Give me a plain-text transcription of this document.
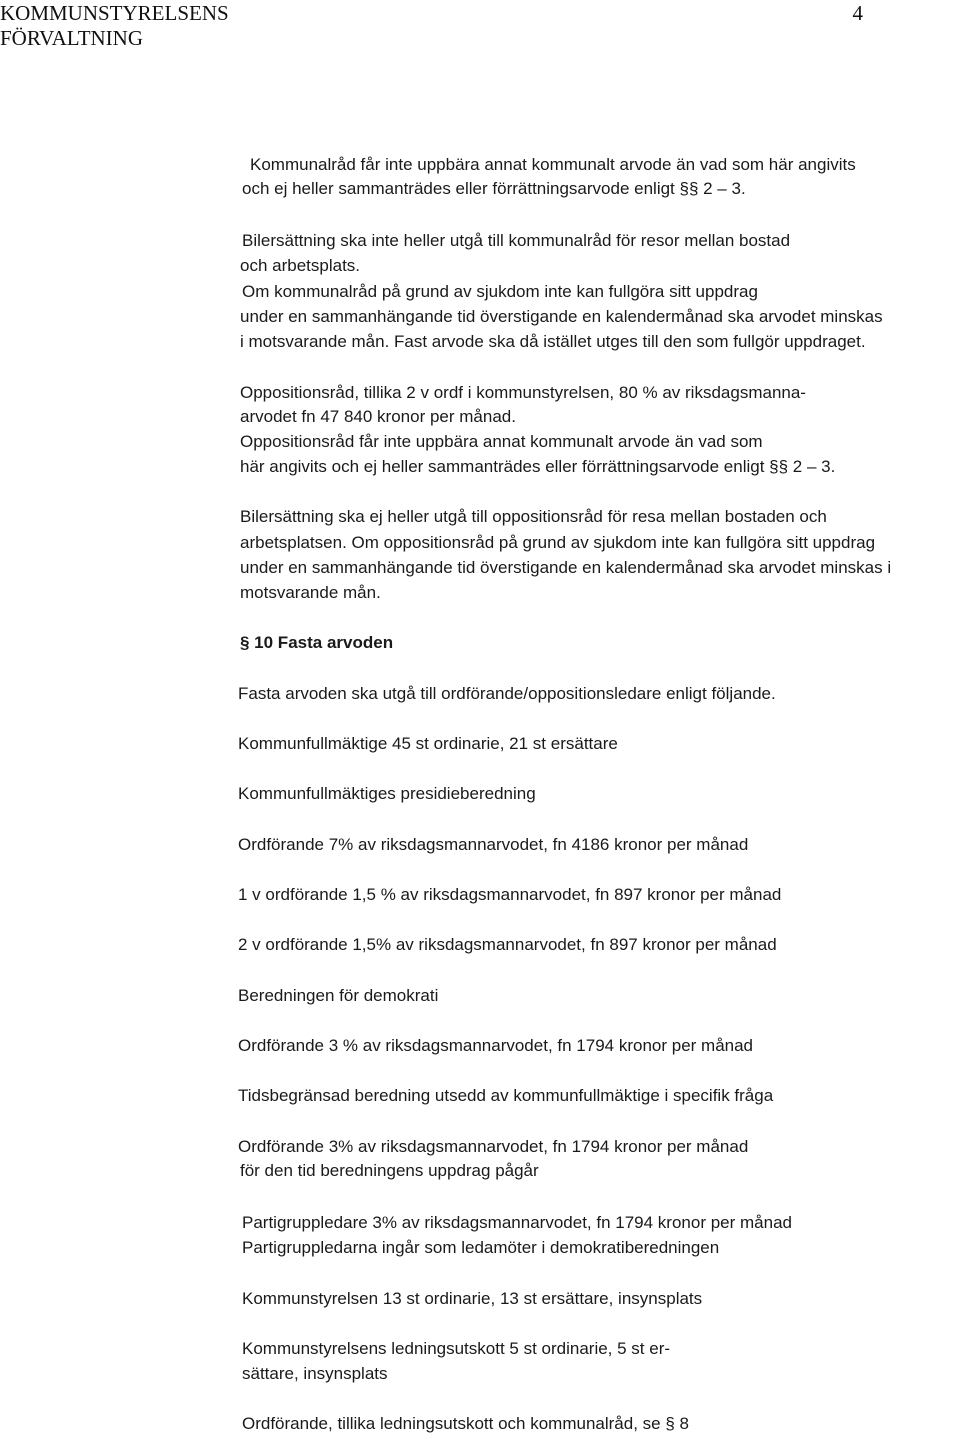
KOMMUNSTYRELSENS
FÖRVALTNING
4
Kommunalråd får inte uppbära annat kommunalt arvode än vad som här angivits
och ej heller sammanträdes eller förrättningsarvode enligt §§ 2 – 3.
Bilersättning ska inte heller utgå till kommunalråd för resor mellan bostad
och arbetsplats.
Om kommunalråd på grund av sjukdom inte kan fullgöra sitt uppdrag
under en sammanhängande tid överstigande en kalendermånad ska arvodet minskas
i motsvarande mån. Fast arvode ska då istället utges till den som fullgör uppdraget.
Oppositionsråd, tillika 2 v ordf i kommunstyrelsen, 80 % av riksdagsmanna-
arvodet fn 47 840 kronor per månad.
Oppositionsråd får inte uppbära annat kommunalt arvode än vad som
här angivits och ej heller sammanträdes eller förrättningsarvode enligt §§ 2 – 3.
Bilersättning ska ej heller utgå till oppositionsråd för resa mellan bostaden och
arbetsplatsen. Om oppositionsråd på grund av sjukdom inte kan fullgöra sitt uppdrag
under en sammanhängande tid överstigande en kalendermånad ska arvodet minskas i
motsvarande mån.
§ 10 Fasta arvoden
Fasta arvoden ska utgå till ordförande/oppositionsledare enligt följande.
Kommunfullmäktige 45 st ordinarie, 21 st ersättare
Kommunfullmäktiges presidieberedning
Ordförande 7% av riksdagsmannarvodet, fn 4186 kronor per månad
1 v ordförande 1,5 % av riksdagsmannarvodet, fn 897 kronor per månad
2 v ordförande 1,5% av riksdagsmannarvodet, fn 897 kronor per månad
Beredningen för demokrati
Ordförande 3 % av riksdagsmannarvodet, fn 1794 kronor per månad
Tidsbegränsad beredning utsedd av kommunfullmäktige i specifik fråga
Ordförande 3% av riksdagsmannarvodet, fn 1794 kronor per månad
för den tid beredningens uppdrag pågår
Partigruppledare 3% av riksdagsmannarvodet, fn 1794 kronor per månad
Partigruppledarna ingår som ledamöter i demokratiberedningen
Kommunstyrelsen 13 st ordinarie, 13 st ersättare, insynsplats
Kommunstyrelsens ledningsutskott 5 st ordinarie, 5 st er-
sättare, insynsplats
Ordförande, tillika ledningsutskott och kommunalråd, se § 8
